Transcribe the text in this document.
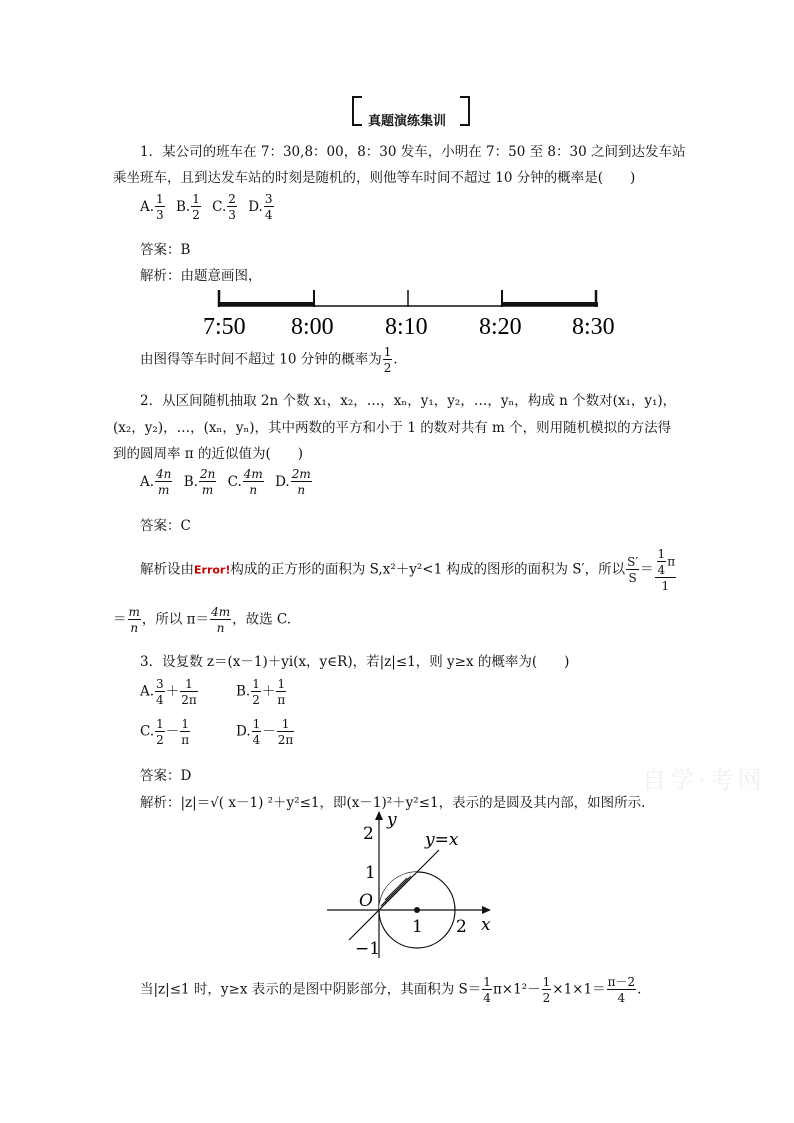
真题演练集训
1．某公司的班车在 7：30,8：00，8：30 发车，小明在 7：50 至 8：30 之间到达发车站
乘坐班车，且到达发车站的时刻是随机的，则他等车时间不超过 10 分钟的概率是(　　)
A. $\frac{1}{3} B$. $\frac{1}{2} C$. $\frac{2}{3} D$. $\frac{3}{4}$
答案：B
解析：由题意画图，
7:50 8:00 8:10 8:20 8:30
由图得等车时间不超过 10 分钟的概率为 $\frac{1}{2}$ .
2．从区间随机抽取 2n 个数 x₁，x₂，…，xₙ，y₁，y₂，…，yₙ，构成 n 个数对(x₁，y₁)，
(x₂，y₂)，…，(xₙ，yₙ)，其中两数的平方和小于 1 的数对共有 m 个，则用随机模拟的方法得
到的圆周率 π 的近似值为(　　)
A. $\frac{4n}{m} B$. $\frac{2n}{m} C$. $\frac{4m}{n} D$. $\frac{2m}{n}$
答案：C
解析设由Error!构成的正方形的面积为 S,x²＋y²<1 构成的图形的面积为 S′，所以 $\frac{S'}{S} = \frac{\frac{1}{4} \pi}{1}$
＝ $\frac{m}{n}$ ，所以 $\pi= \frac{4m}{n}$ ，故选 C.
3．设复数 z＝(x－1)＋yi(x，y∈R)，若|z|≤1，则 y≥x 的概率为(　　)
A. $\frac{3}{4} + \frac{1}{2\pi}$	B. $\frac{1}{2} + \frac{1}{\pi}$
C. $\frac{1}{2} - \frac{1}{\pi}$	D. $\frac{1}{4} - \frac{1}{2\pi}$
答案：D
解析：|z|＝√( x－1) ²＋y²≤1，即(x－1)²＋y²≤1，表示的是圆及其内部，如图所示.
y
y=x
2
1
O
−1
1 2 x
当|z|≤1 时，y≥x 表示的是图中阴影部分，其面积为 $S= \frac{1}{4} \pi\times 1^2- \frac{1}{2} \times 1\times 1= \frac{\pi-2}{4}$ .
自学·考网
